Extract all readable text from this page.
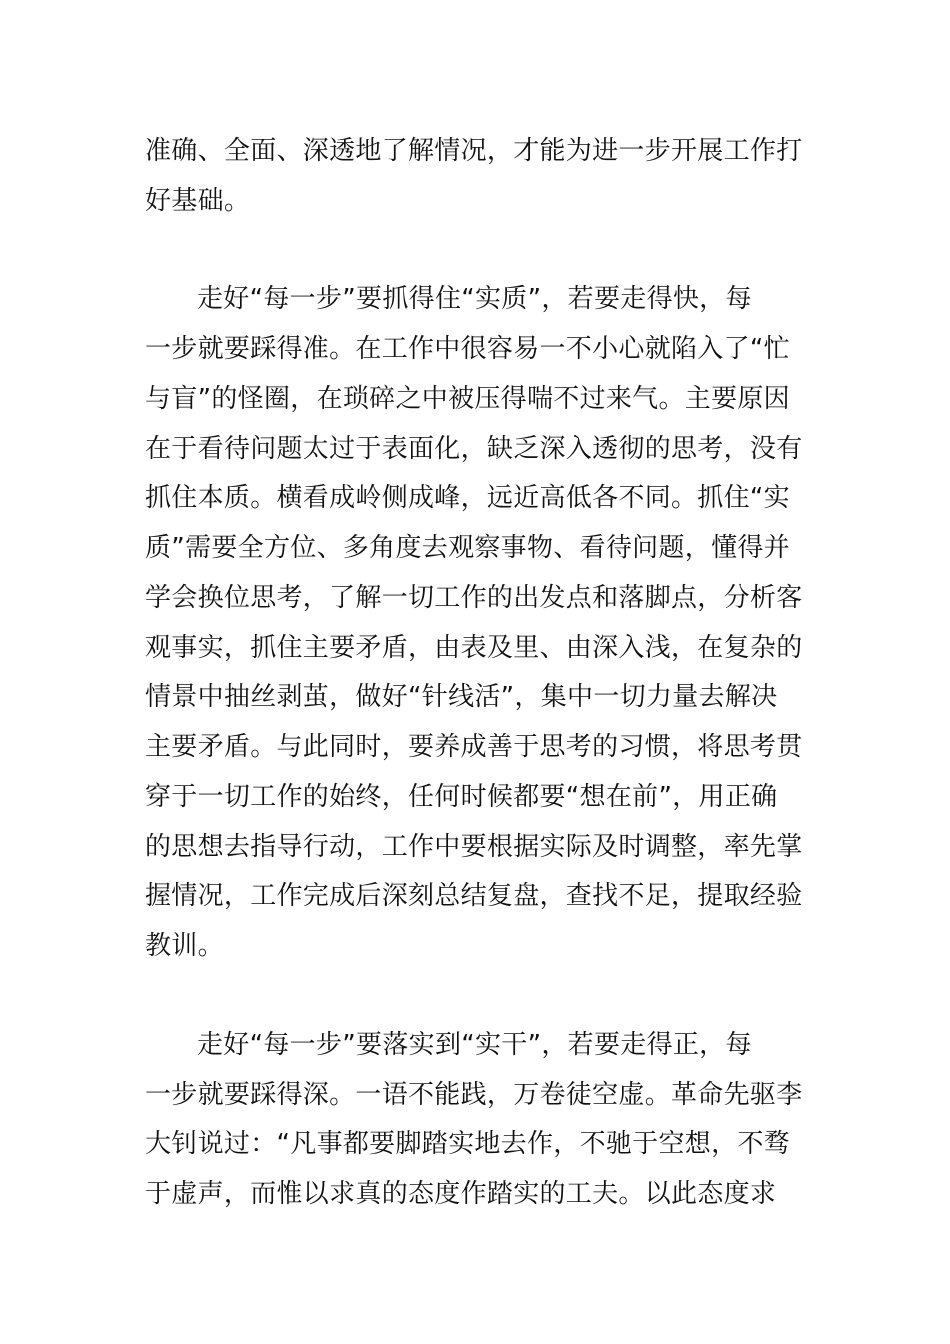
准确、全面、深透地了解情况，才能为进一步开展工作打
好基础。
走好“每一步”要抓得住“实质”，若要走得快，每
一步就要踩得准。在工作中很容易一不小心就陷入了“忙
与盲”的怪圈，在琐碎之中被压得喘不过来气。主要原因
在于看待问题太过于表面化，缺乏深入透彻的思考，没有
抓住本质。横看成岭侧成峰，远近高低各不同。抓住“实
质”需要全方位、多角度去观察事物、看待问题，懂得并
学会换位思考，了解一切工作的出发点和落脚点，分析客
观事实，抓住主要矛盾，由表及里、由深入浅，在复杂的
情景中抽丝剥茧，做好“针线活”，集中一切力量去解决
主要矛盾。与此同时，要养成善于思考的习惯，将思考贯
穿于一切工作的始终，任何时候都要“想在前”，用正确
的思想去指导行动，工作中要根据实际及时调整，率先掌
握情况，工作完成后深刻总结复盘，查找不足，提取经验
教训。
走好“每一步”要落实到“实干”，若要走得正，每
一步就要踩得深。一语不能践，万卷徒空虚。革命先驱李
大钊说过：“凡事都要脚踏实地去作，不驰于空想，不骛
于虚声，而惟以求真的态度作踏实的工夫。以此态度求
